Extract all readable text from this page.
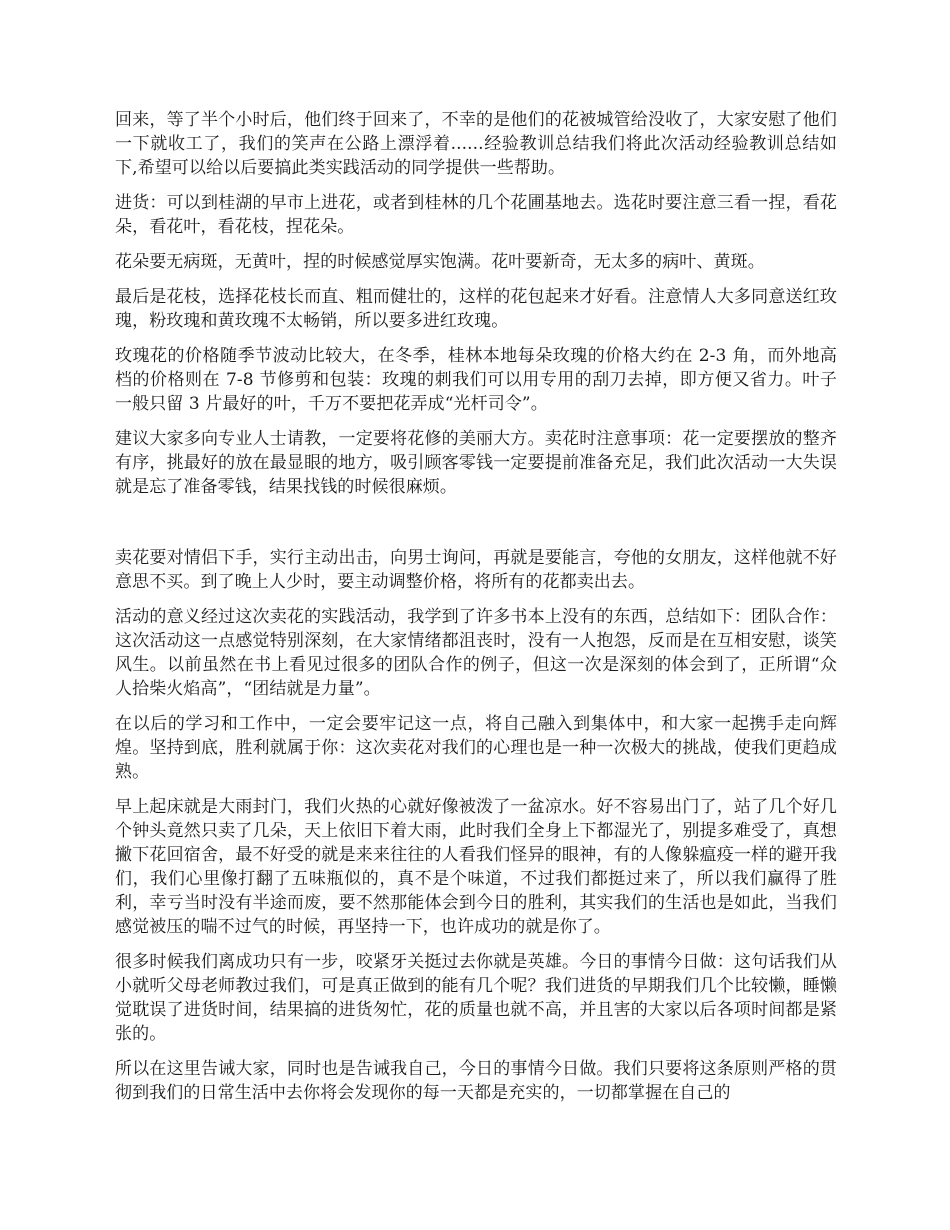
回来，等了半个小时后，他们终于回来了，不幸的是他们的花被城管给没收了，大家安慰了他们一下就收工了，我们的笑声在公路上漂浮着......经验教训总结我们将此次活动经验教训总结如下,希望可以给以后要搞此类实践活动的同学提供一些帮助。

进货：可以到桂湖的早市上进花，或者到桂林的几个花圃基地去。选花时要注意三看一捏，看花朵，看花叶，看花枝，捏花朵。

花朵要无病斑，无黄叶，捏的时候感觉厚实饱满。花叶要新奇，无太多的病叶、黄斑。

最后是花枝，选择花枝长而直、粗而健壮的，这样的花包起来才好看。注意情人大多同意送红玫瑰，粉玫瑰和黄玫瑰不太畅销，所以要多进红玫瑰。

玫瑰花的价格随季节波动比较大，在冬季，桂林本地每朵玫瑰的价格大约在 2-3 角，而外地高档的价格则在 7-8 节修剪和包装：玫瑰的刺我们可以用专用的刮刀去掉，即方便又省力。叶子一般只留 3 片最好的叶，千万不要把花弄成“光杆司令”。

建议大家多向专业人士请教，一定要将花修的美丽大方。卖花时注意事项：花一定要摆放的整齐有序，挑最好的放在最显眼的地方，吸引顾客零钱一定要提前准备充足，我们此次活动一大失误就是忘了准备零钱，结果找钱的时候很麻烦。

卖花要对情侣下手，实行主动出击，向男士询问，再就是要能言，夸他的女朋友，这样他就不好意思不买。到了晚上人少时，要主动调整价格，将所有的花都卖出去。

活动的意义经过这次卖花的实践活动，我学到了许多书本上没有的东西，总结如下：团队合作：这次活动这一点感觉特别深刻，在大家情绪都沮丧时，没有一人抱怨，反而是在互相安慰，谈笑风生。以前虽然在书上看见过很多的团队合作的例子，但这一次是深刻的体会到了，正所谓“众人拾柴火焰高”，“团结就是力量”。

在以后的学习和工作中，一定会要牢记这一点，将自己融入到集体中，和大家一起携手走向辉煌。坚持到底，胜利就属于你：这次卖花对我们的心理也是一种一次极大的挑战，使我们更趋成熟。

早上起床就是大雨封门，我们火热的心就好像被泼了一盆凉水。好不容易出门了，站了几个好几个钟头竟然只卖了几朵，天上依旧下着大雨，此时我们全身上下都湿光了，别提多难受了，真想撇下花回宿舍，最不好受的就是来来往往的人看我们怪异的眼神，有的人像躲瘟疫一样的避开我们，我们心里像打翻了五味瓶似的，真不是个味道，不过我们都挺过来了，所以我们赢得了胜利，幸亏当时没有半途而废，要不然那能体会到今日的胜利，其实我们的生活也是如此，当我们感觉被压的喘不过气的时候，再坚持一下，也许成功的就是你了。

很多时候我们离成功只有一步，咬紧牙关挺过去你就是英雄。今日的事情今日做：这句话我们从小就听父母老师教过我们，可是真正做到的能有几个呢？我们进货的早期我们几个比较懒，睡懒觉耽误了进货时间，结果搞的进货匆忙，花的质量也就不高，并且害的大家以后各项时间都是紧张的。

所以在这里告诫大家，同时也是告诫我自己，今日的事情今日做。我们只要将这条原则严格的贯彻到我们的日常生活中去你将会发现你的每一天都是充实的，一切都掌握在自己的
